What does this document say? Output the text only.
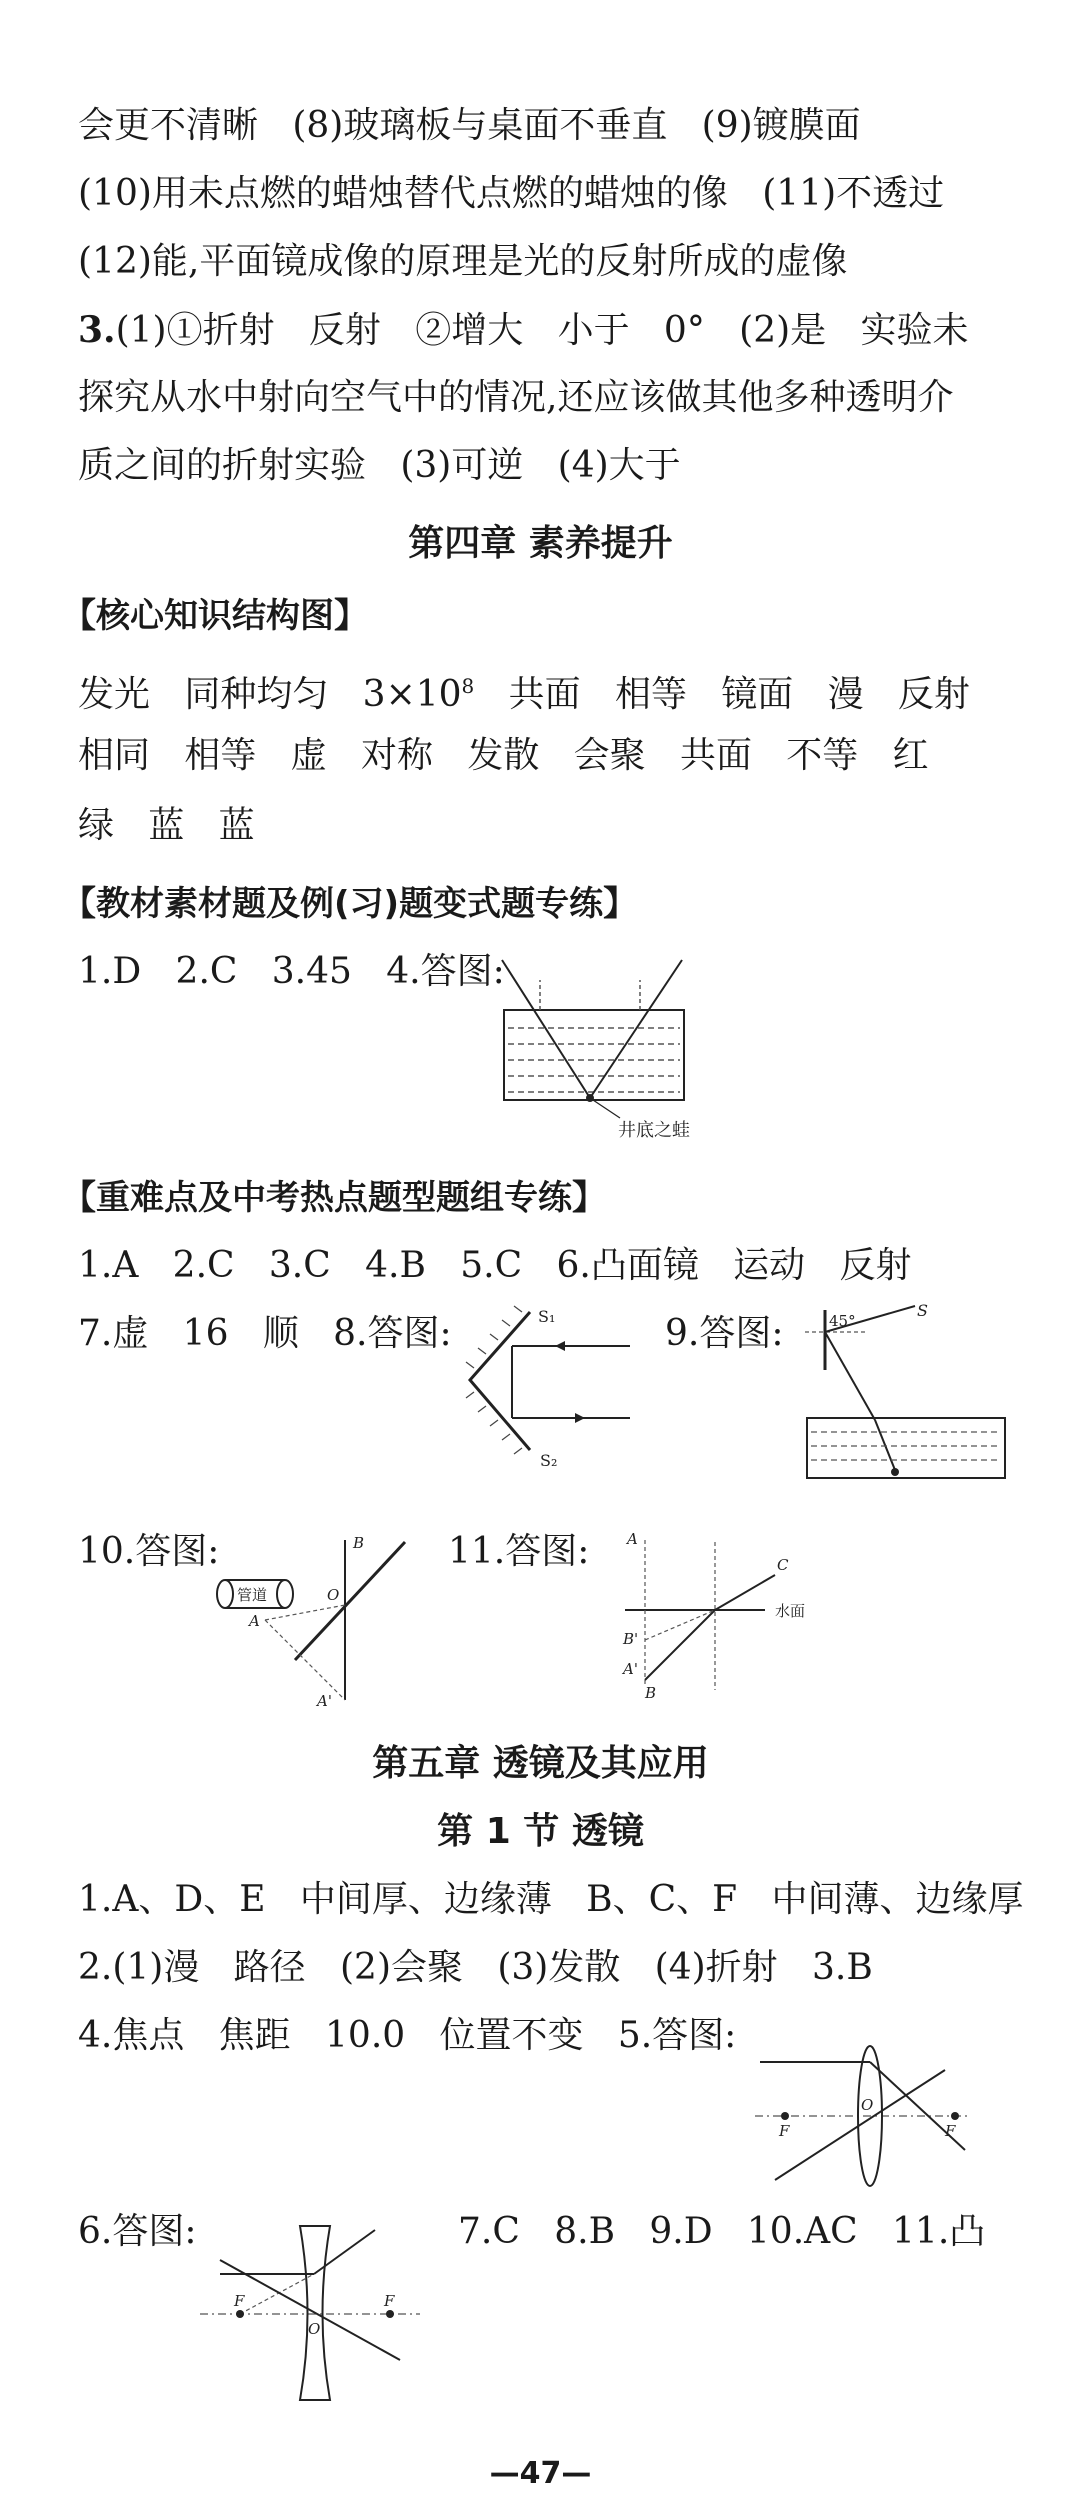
会更不清晰   (8)玻璃板与桌面不垂直   (9)镀膜面
(10)用未点燃的蜡烛替代点燃的蜡烛的像   (11)不透过
(12)能,平面镜成像的原理是光的反射所成的虚像
3.(1)①折射   反射   ②增大   小于   0°   (2)是   实验未
探究从水中射向空气中的情况,还应该做其他多种透明介
质之间的折射实验   (3)可逆   (4)大于
第四章 素养提升
【核心知识结构图】
发光   同种均匀   $3\times 10^8$   共面   相等   镜面   漫   反射
相同   相等   虚   对称   发散   会聚   共面   不等   红
绿   蓝   蓝
【教材素材题及例(习)题变式题专练】
1.D   2.C   3.45   4.答图:
井底之蛙
【重难点及中考热点题型题组专练】
1.A   2.C   3.C   4.B   5.C   6.凸面镜   运动   反射
7.虚   16   顺   8.答图:	9.答图:
S₁
S₂
45°
S
10.答图:	11.答图:
管道
B
O
A
A'
水面
A
C
B'
A'
B
第五章 透镜及其应用
第 1 节 透镜
1.A、D、E   中间厚、边缘薄   B、C、F   中间薄、边缘厚
2.(1)漫   路径   (2)会聚   (3)发散   (4)折射   3.B
4.焦点   焦距   10.0   位置不变   5.答图:
F	F
O
6.答图:	7.C   8.B   9.D   10.AC   11.凸
F	F
O
—47—
